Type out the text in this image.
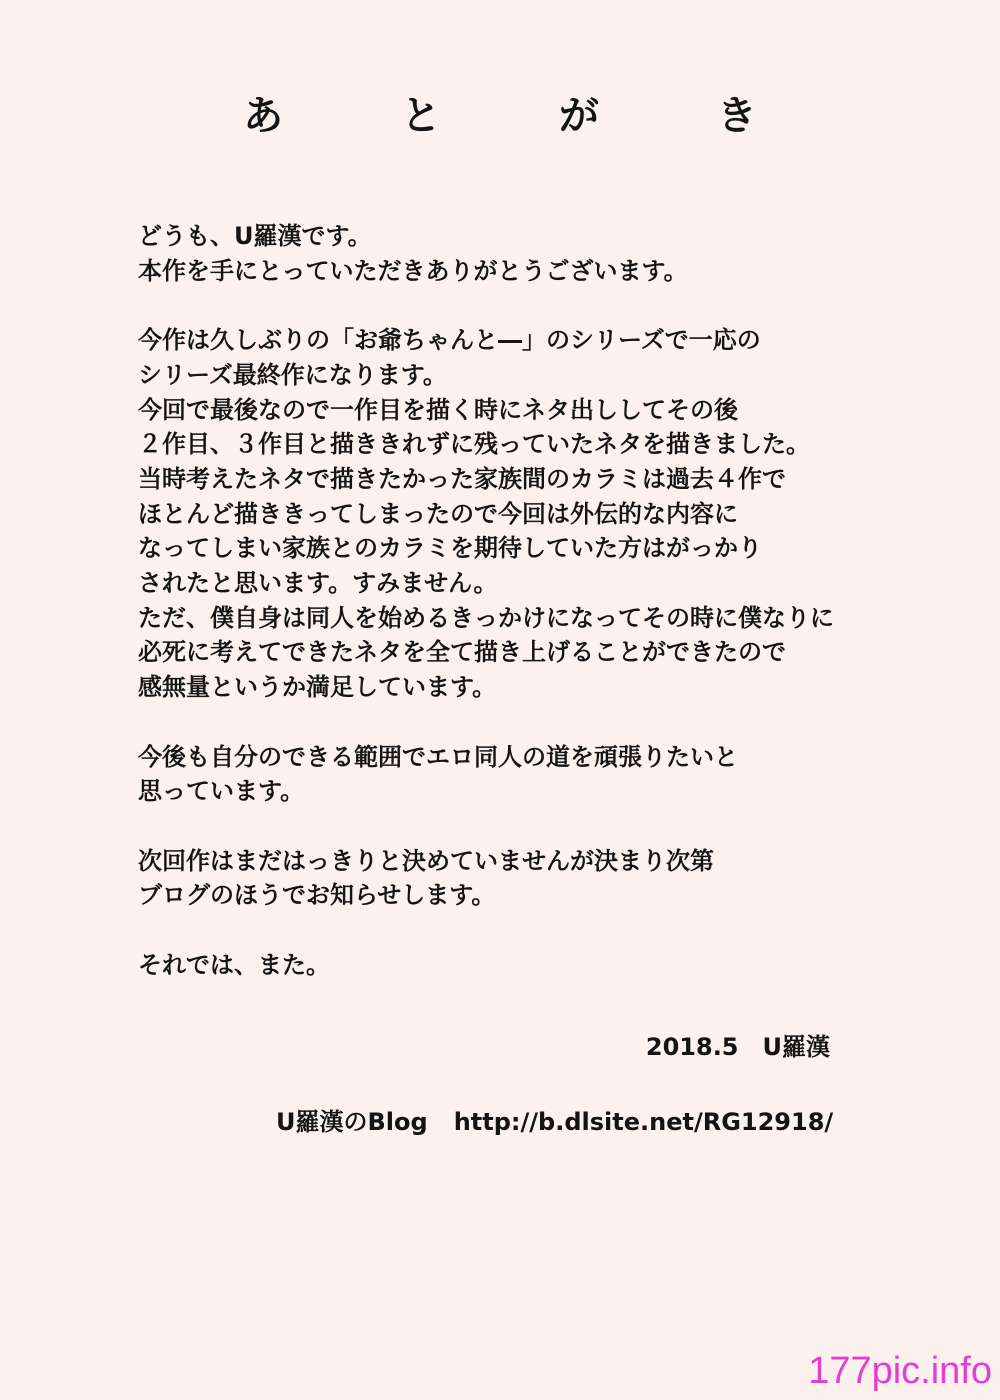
あ と が き

どうも、U羅漢です。
本作を手にとっていただきありがとうございます。

今作は久しぶりの「お爺ちゃんと―」のシリーズで一応の
シリーズ最終作になります。
今回で最後なので一作目を描く時にネタ出ししてその後
２作目、３作目と描ききれずに残っていたネタを描きました。
当時考えたネタで描きたかった家族間のカラミは過去４作で
ほとんど描ききってしまったので今回は外伝的な内容に
なってしまい家族とのカラミを期待していた方はがっかり
されたと思います。すみません。
ただ、僕自身は同人を始めるきっかけになってその時に僕なりに
必死に考えてできたネタを全て描き上げることができたので
感無量というか満足しています。

今後も自分のできる範囲でエロ同人の道を頑張りたいと
思っています。

次回作はまだはっきりと決めていませんが決まり次第
ブログのほうでお知らせします。

それでは、また。

2018.5　U羅漢
U羅漢のBlog http://b.dlsite.net/RG12918/
177pic.info
